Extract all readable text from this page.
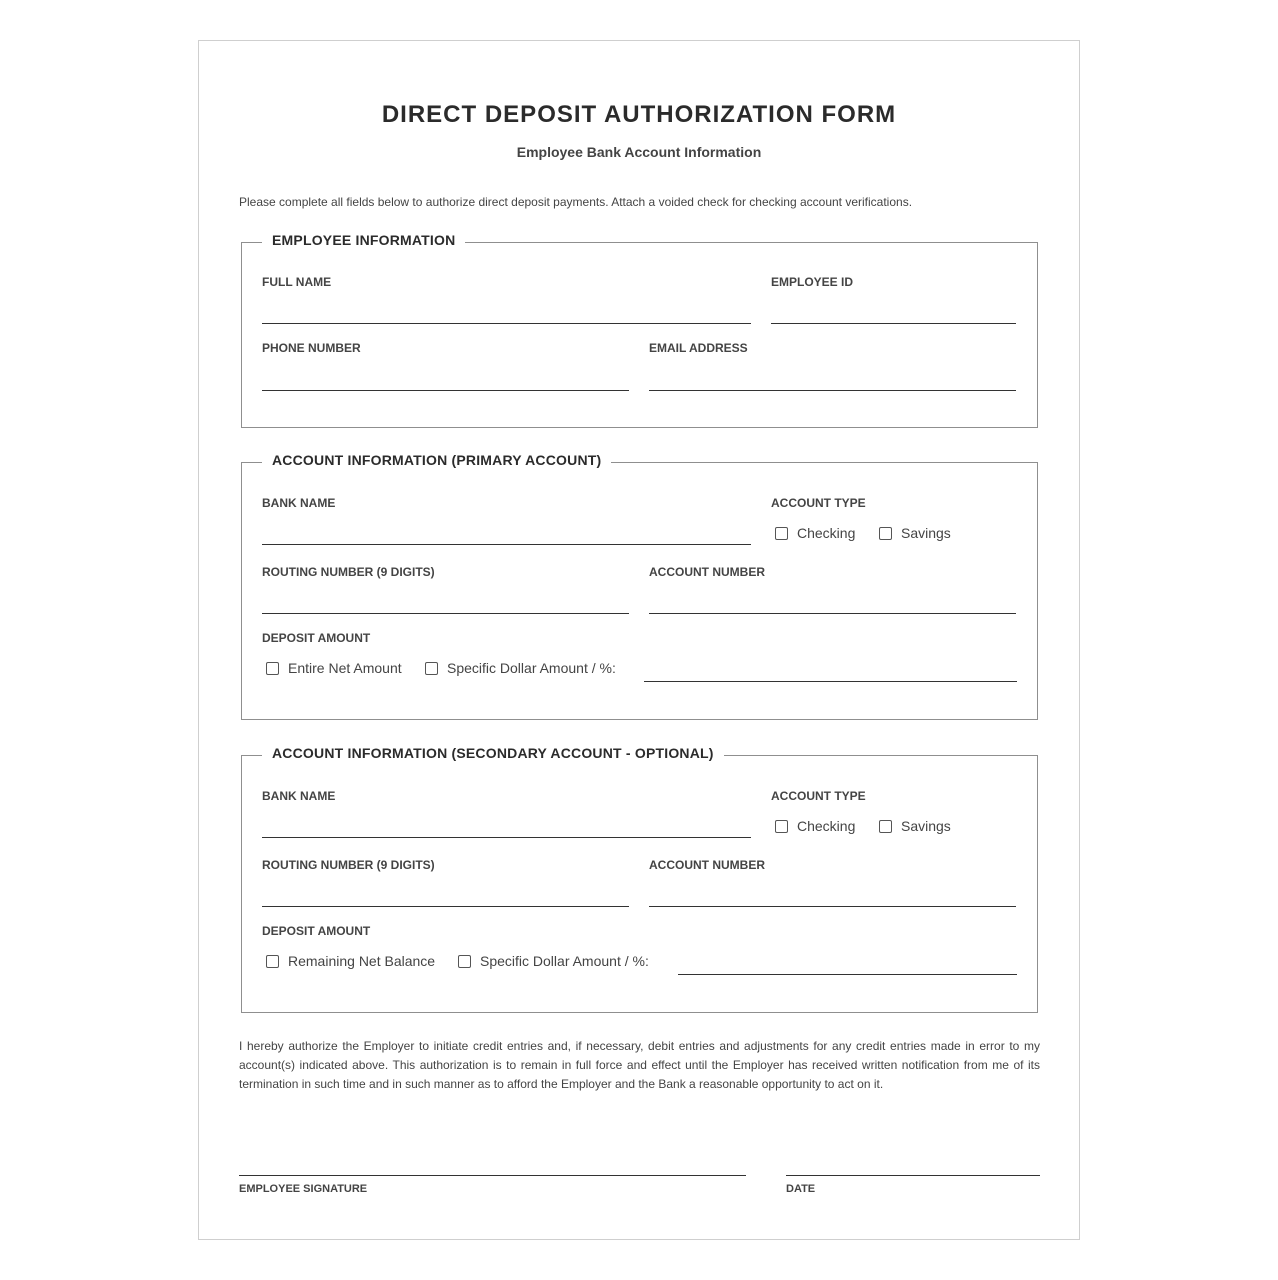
DIRECT DEPOSIT AUTHORIZATION FORM
Employee Bank Account Information
Please complete all fields below to authorize direct deposit payments. Attach a voided check for checking account verifications.
EMPLOYEE INFORMATION
FULL NAME	EMPLOYEE ID
PHONE NUMBER	EMAIL ADDRESS
ACCOUNT INFORMATION (PRIMARY ACCOUNT)
BANK NAME	ACCOUNT TYPE
Checking	Savings
ROUTING NUMBER (9 DIGITS)	ACCOUNT NUMBER
DEPOSIT AMOUNT
Entire Net Amount	Specific Dollar Amount / %:
ACCOUNT INFORMATION (SECONDARY ACCOUNT - OPTIONAL)
BANK NAME	ACCOUNT TYPE
Checking	Savings
ROUTING NUMBER (9 DIGITS)	ACCOUNT NUMBER
DEPOSIT AMOUNT
Remaining Net Balance	Specific Dollar Amount / %:
I hereby authorize the Employer to initiate credit entries and, if necessary, debit entries and adjustments for any credit entries made in error to my account(s) indicated above. This authorization is to remain in full force and effect until the Employer has received written notification from me of its termination in such time and in such manner as to afford the Employer and the Bank a reasonable opportunity to act on it.
EMPLOYEE SIGNATURE	DATE
